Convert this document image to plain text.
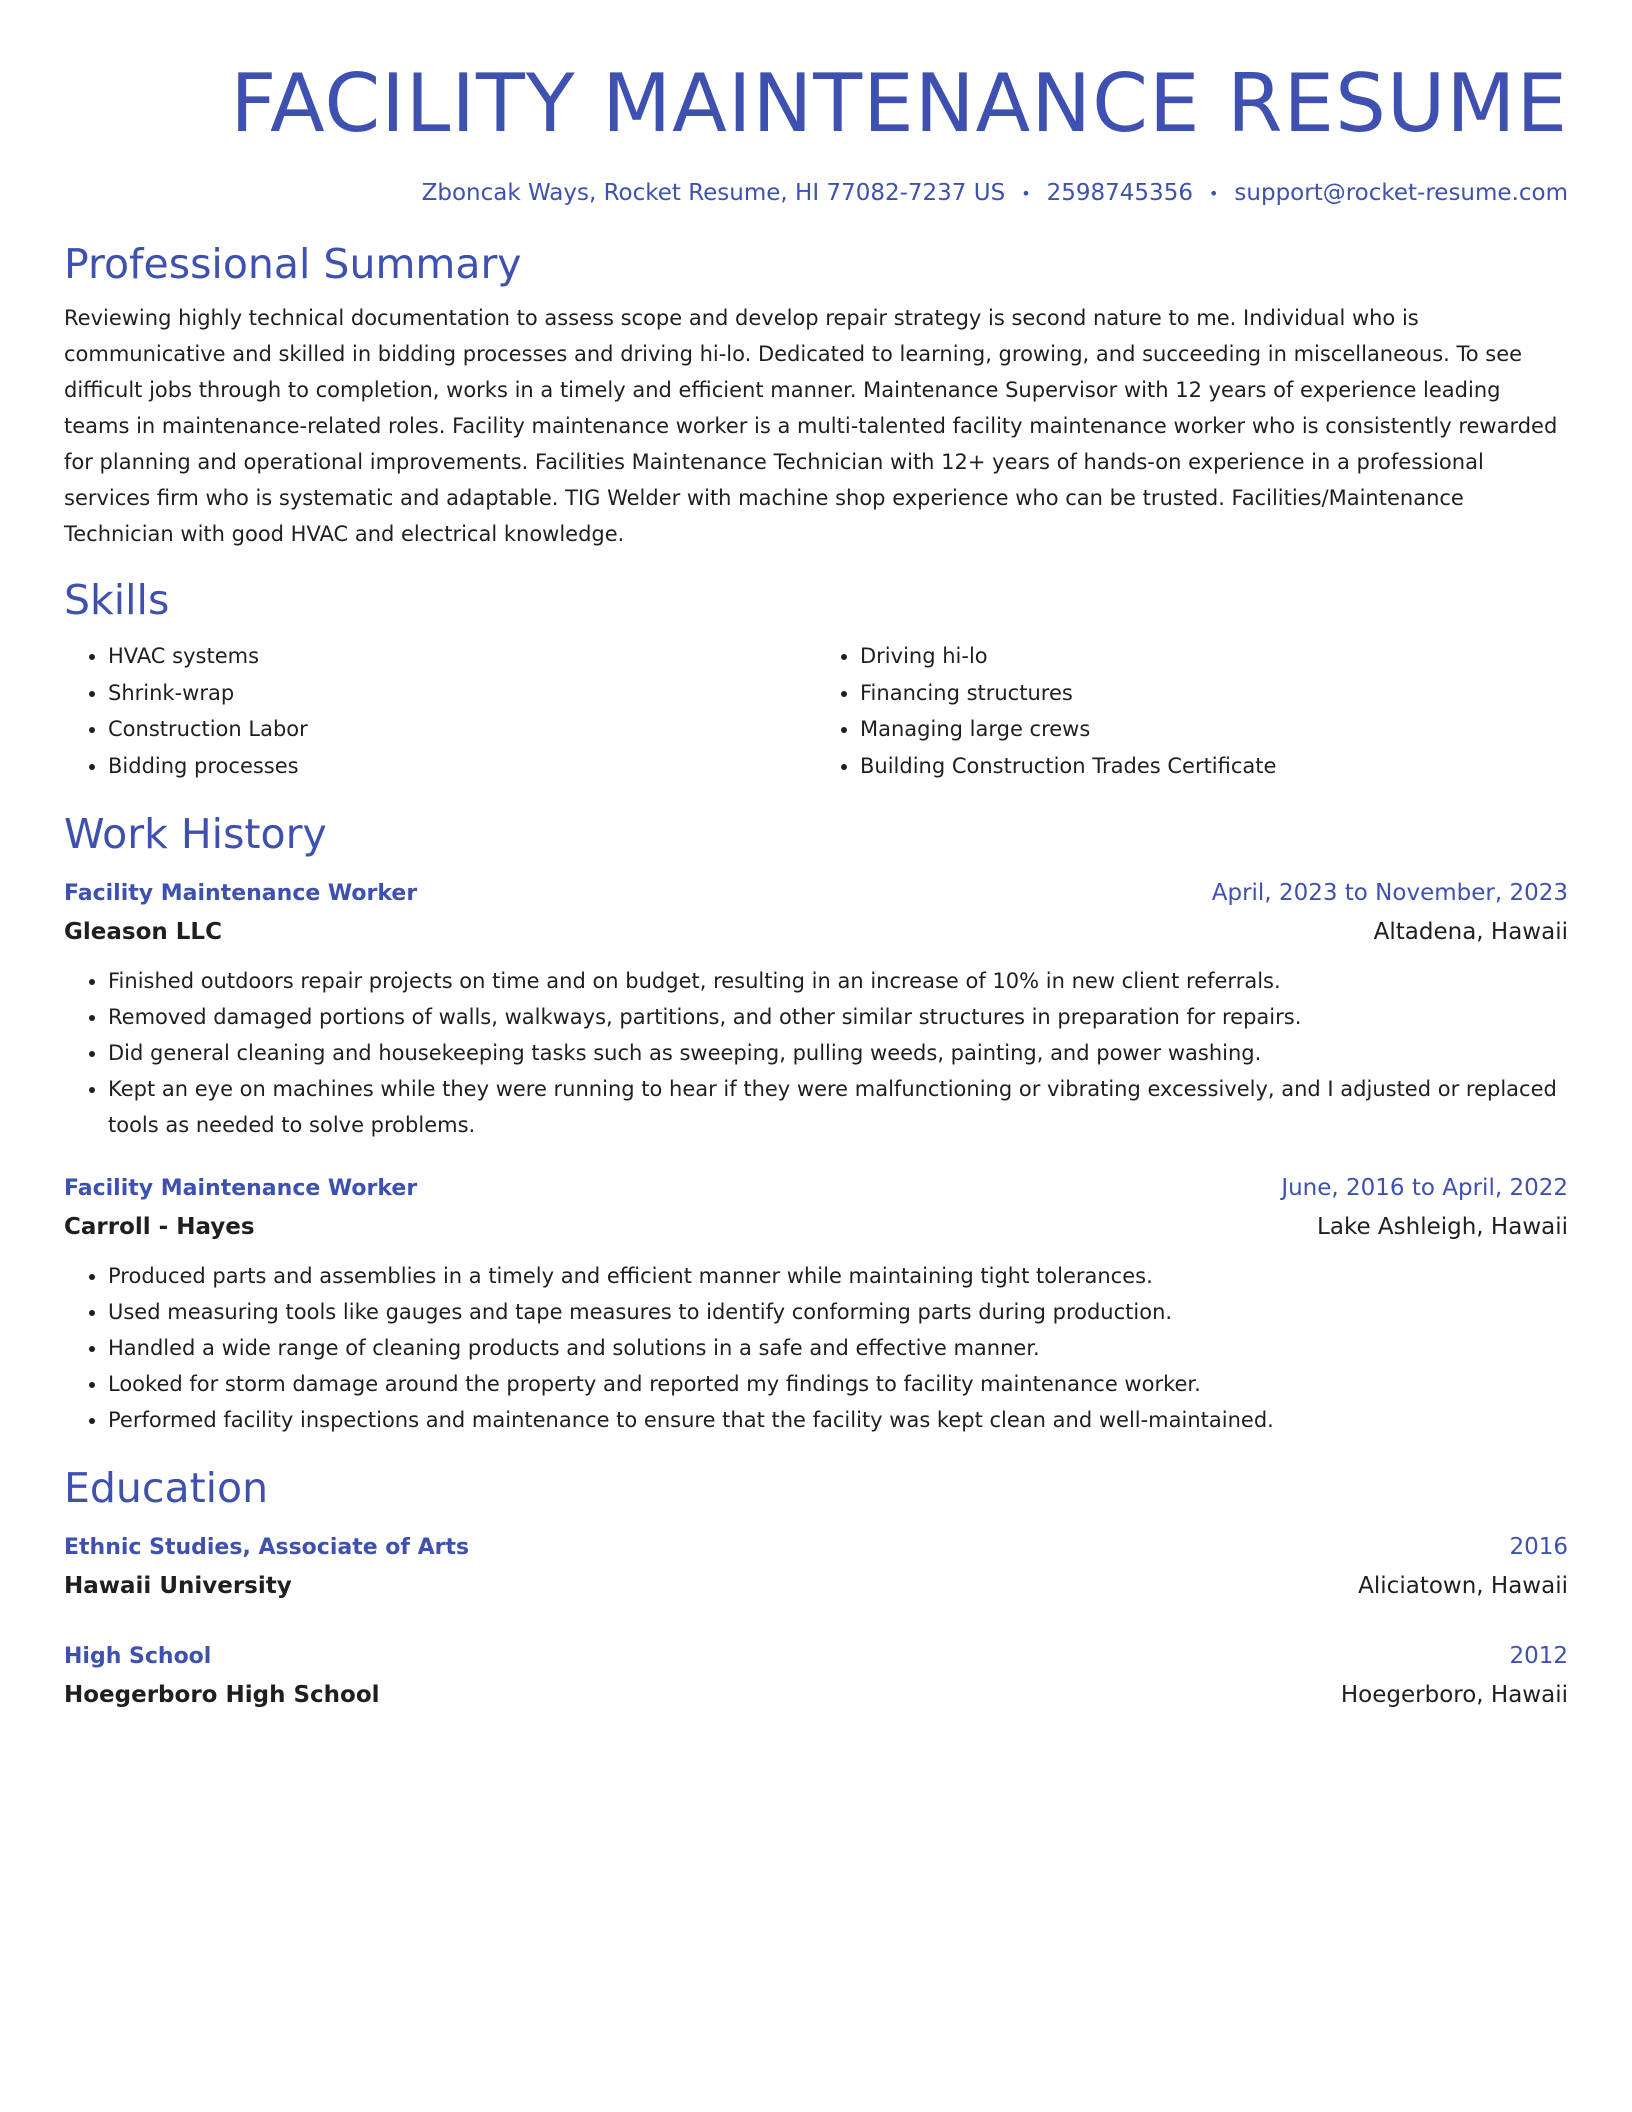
FACILITY MAINTENANCE RESUME
Zboncak Ways, Rocket Resume, HI 77082-7237 US • 2598745356 • support@rocket-resume.com
Professional Summary

Reviewing highly technical documentation to assess scope and develop repair strategy is second nature to me. Individual who is communicative and skilled in bidding processes and driving hi-lo. Dedicated to learning, growing, and succeeding in miscellaneous. To see difficult jobs through to completion, works in a timely and efficient manner. Maintenance Supervisor with 12 years of experience leading teams in maintenance-related roles. Facility maintenance worker is a multi-talented facility maintenance worker who is consistently rewarded for planning and operational improvements. Facilities Maintenance Technician with 12+ years of hands-on experience in a professional services firm who is systematic and adaptable. TIG Welder with machine shop experience who can be trusted. Facilities/Maintenance Technician with good HVAC and electrical knowledge.

Skills
• HVAC systems
• Shrink-wrap
• Construction Labor
• Bidding processes
• Driving hi-lo
• Financing structures
• Managing large crews
• Building Construction Trades Certificate
Work History
Facility Maintenance Worker	April, 2023 to November, 2023
Gleason LLC	Altadena, Hawaii
• Finished outdoors repair projects on time and on budget, resulting in an increase of 10% in new client referrals.
• Removed damaged portions of walls, walkways, partitions, and other similar structures in preparation for repairs.
• Did general cleaning and housekeeping tasks such as sweeping, pulling weeds, painting, and power washing.
• Kept an eye on machines while they were running to hear if they were malfunctioning or vibrating excessively, and I adjusted or replaced tools as needed to solve problems.
Facility Maintenance Worker	June, 2016 to April, 2022
Carroll - Hayes	Lake Ashleigh, Hawaii
• Produced parts and assemblies in a timely and efficient manner while maintaining tight tolerances.
• Used measuring tools like gauges and tape measures to identify conforming parts during production.
• Handled a wide range of cleaning products and solutions in a safe and effective manner.
• Looked for storm damage around the property and reported my findings to facility maintenance worker.
• Performed facility inspections and maintenance to ensure that the facility was kept clean and well-maintained.
Education
Ethnic Studies, Associate of Arts	2016
Hawaii University	Aliciatown, Hawaii
High School	2012
Hoegerboro High School	Hoegerboro, Hawaii
